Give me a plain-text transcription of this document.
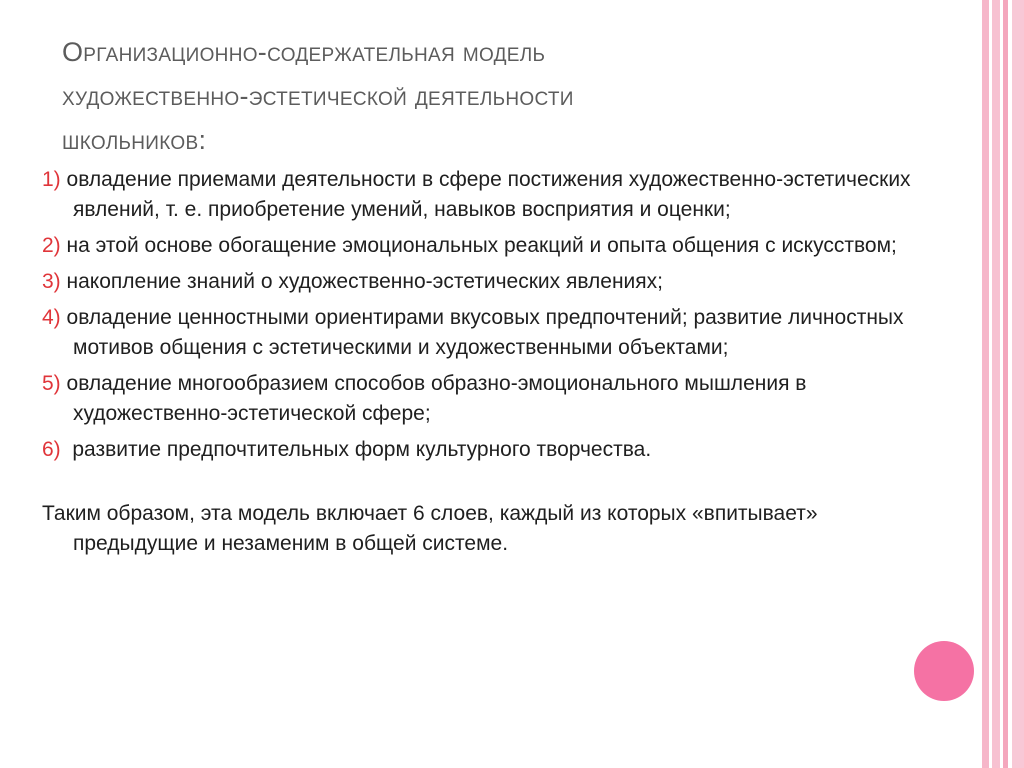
Организационно-содержательная модель
художественно-эстетической деятельности
школьников:
1) овладение приемами деятельности в сфере постижения художественно-эстетических явлений, т. е. приобретение умений, навыков восприятия и оценки;
2) на этой основе обогащение эмоциональных реакций и опыта общения с искусством;
3) накопление знаний о художественно-эстетических явлениях;
4) овладение ценностными ориентирами вкусовых предпочтений; развитие личностных мотивов общения с эстетическими и художественными объектами;
5) овладение многообразием способов образно-эмоционального мышления в художественно-эстетической сфере;
6)  развитие предпочтительных форм культурного творчества.
Таким образом, эта модель включает 6 слоев, каждый из которых «впитывает» предыдущие и незаменим в общей системе.
